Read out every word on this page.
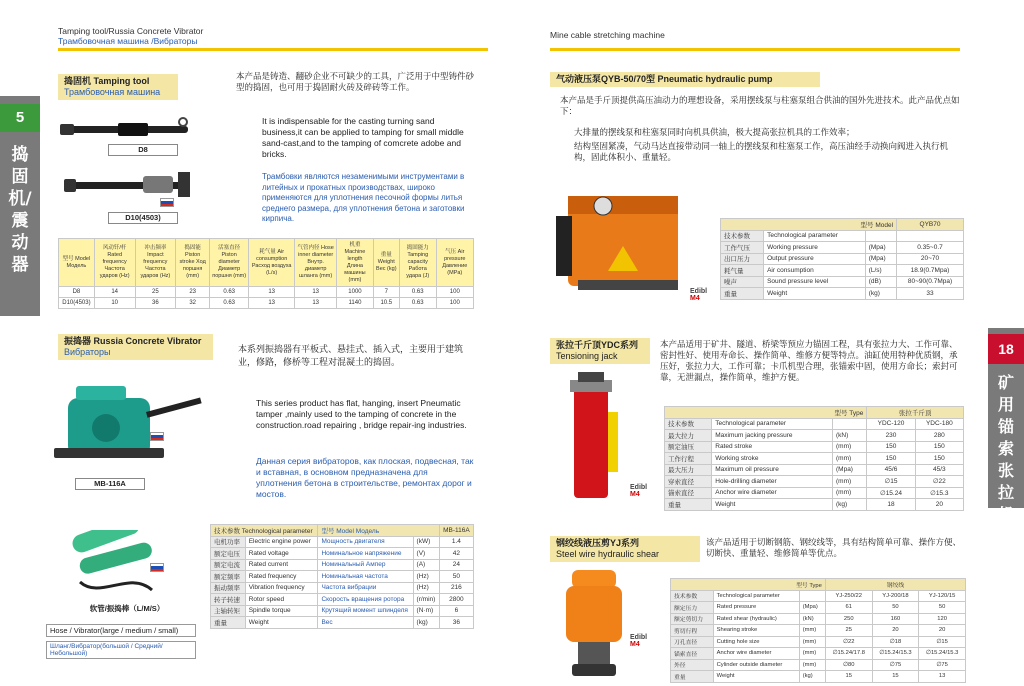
Tamping tool/Russia Concrete Vibrator
Трамбовочная машина /Вибраторы
Mine cable stretching machine
5
捣固机/震动器
18
矿用锚索张拉机具
捣固机 Tamping tool
Трамбовочная машина
D8
D10(4503)
本产品是铸造、翻砂企业不可缺少的工具，广泛用于中型铸件砂型的捣固，也可用于捣固耐火砖及碎砖等工作。
It is indispensable for the casting turning sand business,it can be applied to tamping for small middle sand-cast,and to the tamping of comcrete adobe and bricks.
Трамбовки являются незаменимыми инструментами в литейных и прокатных производствах, широко применяются для уплотнения песочной формы литья среднего размера, для уплотнения бетона и заготовки кирпича.
型号 Model Модель	风动钎/杆 Rated frequency Частота ударов (Hz)	冲击频率 Impact frequency Частота ударов (Hz)	捣固能 Piston stroke Ход поршня (mm)	活塞直径 Piston diameter Диаметр поршня (mm)	耗气量 Air consumption Расход воздуха (L/s)	气管内径 Hose inner diameter Внутр. диаметр шланга (mm)	机重 Machine length Длина машины (mm)	重量 Weight Вес (kg)	捣固能力 Tamping capacity Работа удара (J)	气压 Air pressure Давление (MPa)
D8	14	25	23	0.63	13	13	1000	7	0.63	100
D10(4503)	10	36	32	0.63	13	13	1140	10.5	0.63	100
振捣器 Russia Concrete Vibrator
Вибраторы
MB-116A
软管/振捣棒（L/M/S）
Hose / Vibrator(large / medium / small)
Шланг/Вибратор(большой / Средний/Небольшой)
本系列振捣器有平板式、悬挂式、插入式，主要用于建筑业，修路，修桥等工程对混凝土的捣固。
This series product has flat, hanging, insert Pneumatic tamper ,mainly used to the tamping of concrete in the construction.road repairing , bridge repair-ing industries.
Данная серия вибраторов, как плоская, подвесная, так и вставная, в основном предназначена для уплотнения бетона в строительстве, ремонтах дорог и мостов.
技术参数 Technological parameter		型号 Model Модель		MB-116A
电机功率	Electric engine power	Мощность двигателя	(kW)	1.4
额定电压	Rated voltage	Номинальное напряжение	(V)	42
额定电流	Rated current	Номинальный Ампер	(A)	24
额定频率	Rated frequency	Номинальная частота	(Hz)	50
振动频率	Vibration frequency	Частота вибрации	(Hz)	216
转子转速	Rotor speed	Скорость вращения ротора	(r/min)	2800
主轴转矩	Spindle torque	Крутящий момент шпинделя	(N·m)	6
重量	Weight	Вес	(kg)	36
气动液压泵QYB-50/70型 Pneumatic hydraulic pump
本产品是手斤顶提供高压油动力的理想设备，采用摆线泵与柱塞泵组合供油的国外先进技术。此产品优点如下：
大排量的摆线泵和柱塞泵同时向机具供油，极大提高张拉机具的工作效率；
结构坚固紧凑，气动马达直接带动同一轴上的摆线泵和柱塞泵工作，高压油经手动换向阀进入执行机构，固此体积小、重量轻。
Edibl
M4
型号 Model			QYB70
技术参数	Technological parameter		
工作气压	Working pressure	(Mpa)	0.35~0.7
出口压力	Output pressure	(Mpa)	20~70
耗气量	Air consumption	(L/s)	18.9(0.7Mpa)
噪声	Sound pressure level	(dB)	80~90(0.7Mpa)
重量	Weight	(kg)	33
张拉千斤顶YDC系列
Tensioning jack
本产品适用于矿井、隧道、桥梁等预应力锚固工程，具有张拉力大、工作可靠、密封性好、使用寿命长、操作简单、维修方便等特点。油缸使用特种优质钢，承压好，张拉力大，工作可靠；卡爪机型合理，张锚索中固，使用方命长；索封可靠，无泄漏点，操作简单，维护方便。
Edibl
M4
型号 Type			张拉千斤顶	
技术参数	Technological parameter		YDC-120	YDC-180
最大拉力	Maximum jacking pressure	(kN)	230	280
额定油压	Rated stroke	(mm)	150	150
工作行程	Working stroke	(mm)	150	150
最大压力	Maximum oil pressure	(Mpa)	45/6	45/3
穿索直径	Hole-drilling diameter	(mm)	∅15	∅22
锚索直径	Anchor wire diameter	(mm)	∅15.24	∅15.3
重量	Weight	(kg)	18	20
钢绞线液压剪YJ系列
Steel wire hydraulic shear
该产品适用于切断钢筋、钢绞线等，具有结构简单可靠、操作方便、切断快、重量轻、维修简单等优点。
Edibl
M4
型号 Type			钢绞线		
技术参数	Technological parameter		YJ-250/22	YJ-200/18	YJ-120/15
额定压力	Rated pressure	(Mpa)	61	50	50
额定剪切力	Rated shear (hydraulic)	(kN)	250	160	120
剪切行程	Shearing stroke	(mm)	25	20	20
刀孔直径	Cutting hole size	(mm)	∅22	∅18	∅15
锚索直径	Anchor wire diameter	(mm)	∅15.24/17.8	∅15.24/15.3	∅15.24/15.3
外径	Cylinder outside diameter	(mm)	∅80	∅75	∅75
重量	Weight	(kg)	15	15	13
